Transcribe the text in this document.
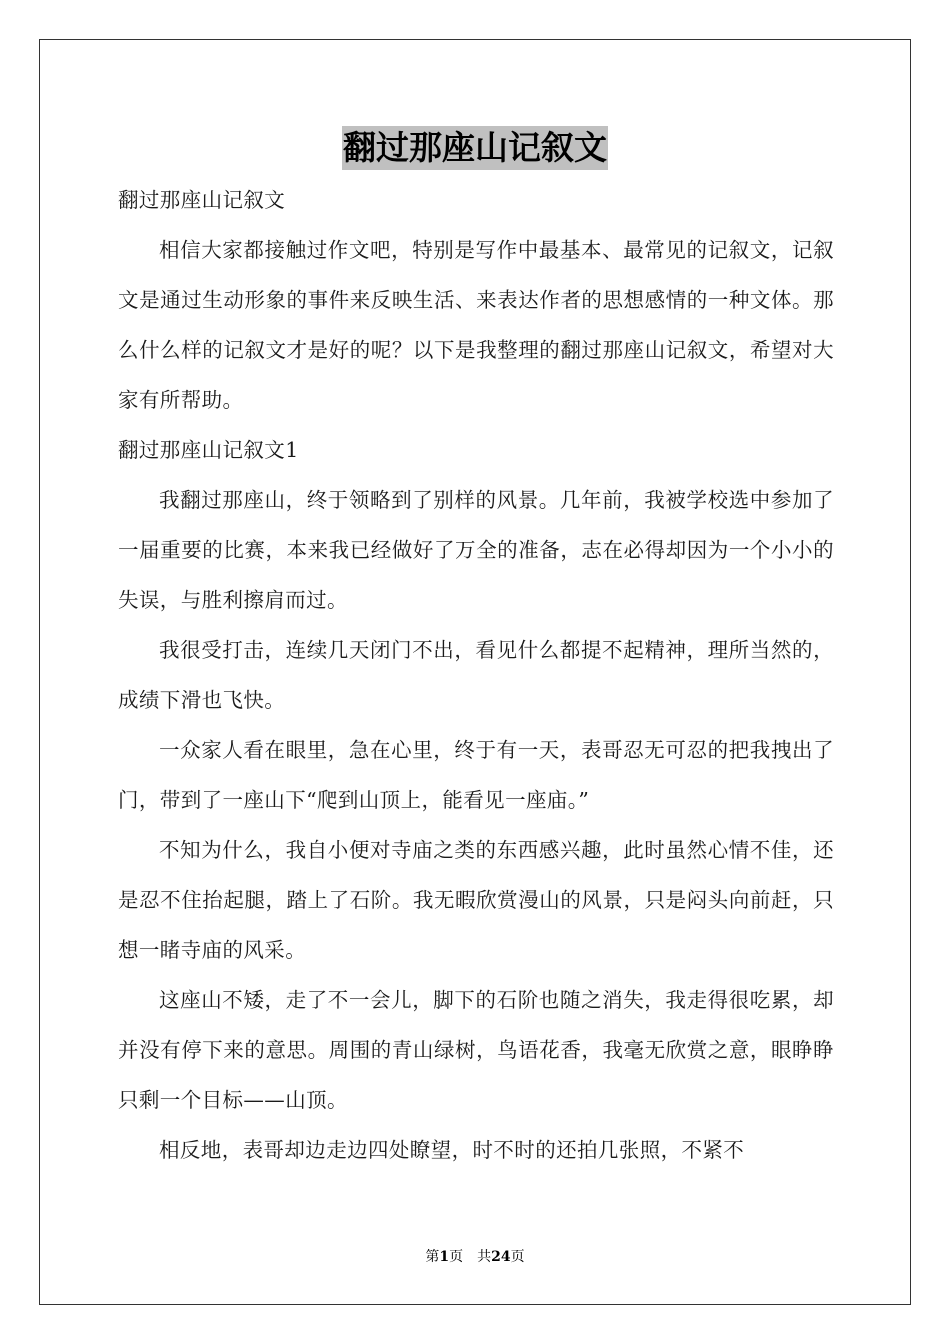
翻过那座山记叙文

翻过那座山记叙文

相信大家都接触过作文吧，特别是写作中最基本、最常见的记叙文，记叙文是通过生动形象的事件来反映生活、来表达作者的思想感情的一种文体。那么什么样的记叙文才是好的呢？以下是我整理的翻过那座山记叙文，希望对大家有所帮助。

翻过那座山记叙文1

我翻过那座山，终于领略到了别样的风景。几年前，我被学校选中参加了一届重要的比赛，本来我已经做好了万全的准备，志在必得却因为一个小小的失误，与胜利擦肩而过。

我很受打击，连续几天闭门不出，看见什么都提不起精神，理所当然的，成绩下滑也飞快。

一众家人看在眼里，急在心里，终于有一天，表哥忍无可忍的把我拽出了门，带到了一座山下“爬到山顶上，能看见一座庙。”

不知为什么，我自小便对寺庙之类的东西感兴趣，此时虽然心情不佳，还是忍不住抬起腿，踏上了石阶。我无暇欣赏漫山的风景，只是闷头向前赶，只想一睹寺庙的风采。

这座山不矮，走了不一会儿，脚下的石阶也随之消失，我走得很吃累，却并没有停下来的意思。周围的青山绿树，鸟语花香，我毫无欣赏之意，眼睁睁只剩一个目标——山顶。

相反地，表哥却边走边四处瞭望，时不时的还拍几张照，不紧不

第1页 共24页
